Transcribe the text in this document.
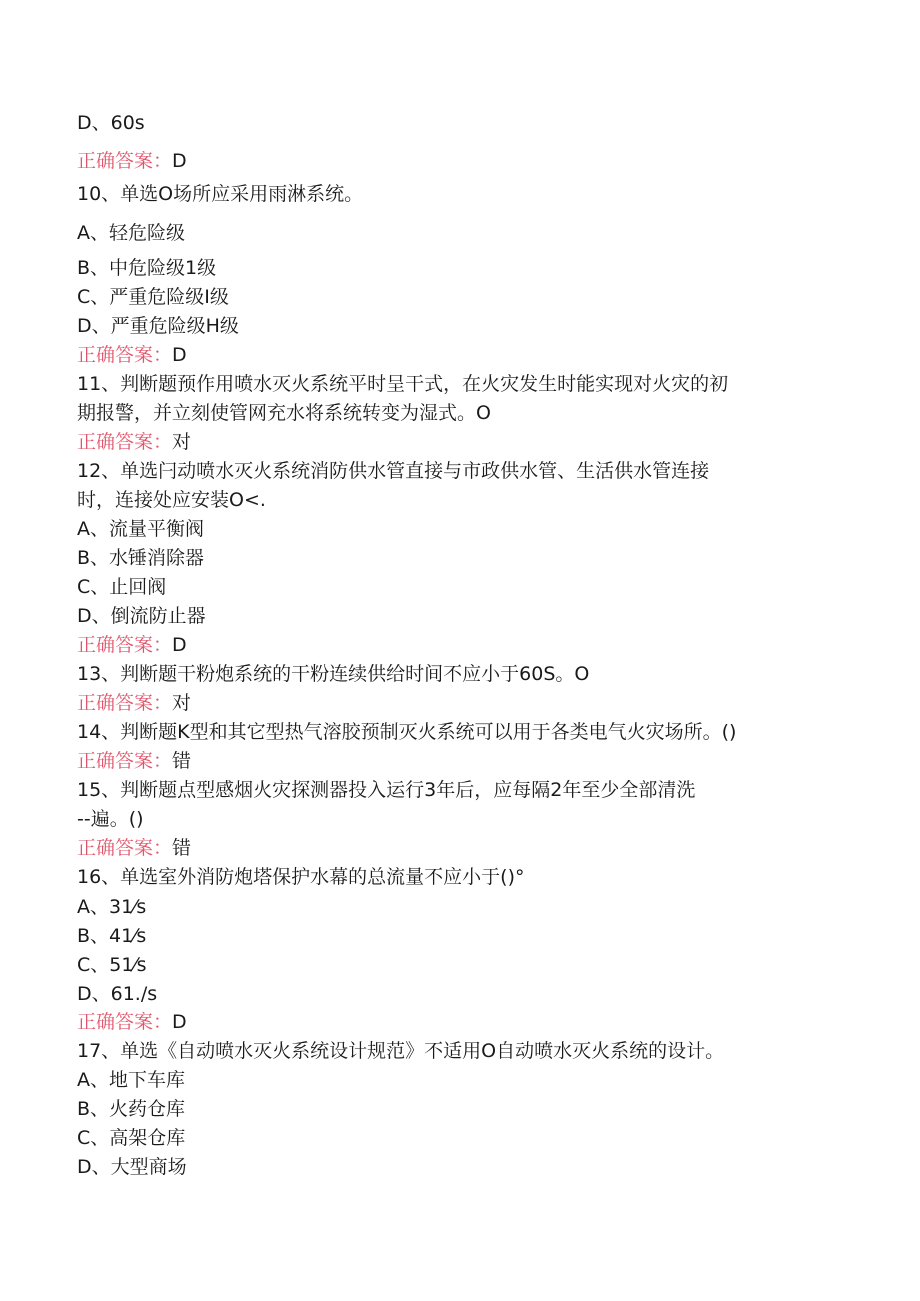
D、60s
正确答案：D
10、单选O场所应采用雨淋系统。
A、轻危险级
B、中危险级1级
C、严重危险级I级
D、严重危险级H级
正确答案：D
11、判断题预作用喷水灭火系统平时呈干式，在火灾发生时能实现对火灾的初
期报警，并立刻使管网充水将系统转变为湿式。O
正确答案：对
12、单选闩动喷水灭火系统消防供水管直接与市政供水管、生活供水管连接
时，连接处应安装O<.
A、流量平衡阀
B、水锤消除器
C、止回阀
D、倒流防止器
正确答案：D
13、判断题干粉炮系统的干粉连续供给时间不应小于60S。O
正确答案：对
14、判断题K型和其它型热气溶胶预制灭火系统可以用于各类电气火灾场所。()
正确答案：错
15、判断题点型感烟火灾探测器投入运行3年后，应每隔2年至少全部清洗
--遍。()
正确答案：错
16、单选室外消防炮塔保护水幕的总流量不应小于()°
A、31⁄s
B、41⁄s
C、51⁄s
D、61./s
正确答案：D
17、单选《自动喷水灭火系统设计规范》不适用O自动喷水灭火系统的设计。
A、地下车库
B、火药仓库
C、高架仓库
D、大型商场
